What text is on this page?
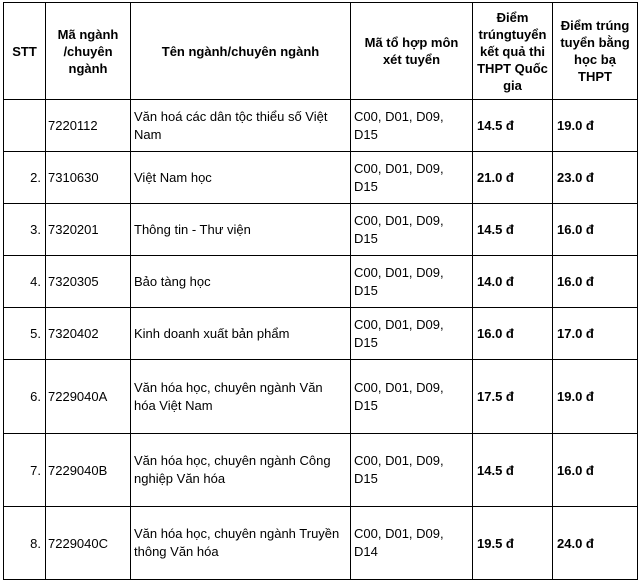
STT	Mã ngành /chuyên ngành	Tên ngành/chuyên ngành	Mã tổ hợp môn xét tuyển	Điểm trúngtuyển kết quả thi THPT Quốc gia	Điểm trúng tuyển bằng học bạ THPT
	7220112	Văn hoá các dân tộc thiểu số Việt Nam	C00, D01, D09, D15	14.5 đ	19.0 đ
2.	7310630	Việt Nam học	C00, D01, D09, D15	21.0 đ	23.0 đ
3.	7320201	Thông tin - Thư viện	C00, D01, D09, D15	14.5 đ	16.0 đ
4.	7320305	Bảo tàng học	C00, D01, D09, D15	14.0 đ	16.0 đ
5.	7320402	Kinh doanh xuất bản phẩm	C00, D01, D09, D15	16.0 đ	17.0 đ
6.	7229040A	Văn hóa học, chuyên ngành Văn hóa Việt Nam	C00, D01, D09, D15	17.5 đ	19.0 đ
7.	7229040B	Văn hóa học, chuyên ngành Công nghiệp Văn hóa	C00, D01, D09, D15	14.5 đ	16.0 đ
8.	7229040C	Văn hóa học, chuyên ngành Truyền thông Văn hóa	C00, D01, D09, D14	19.5 đ	24.0 đ
